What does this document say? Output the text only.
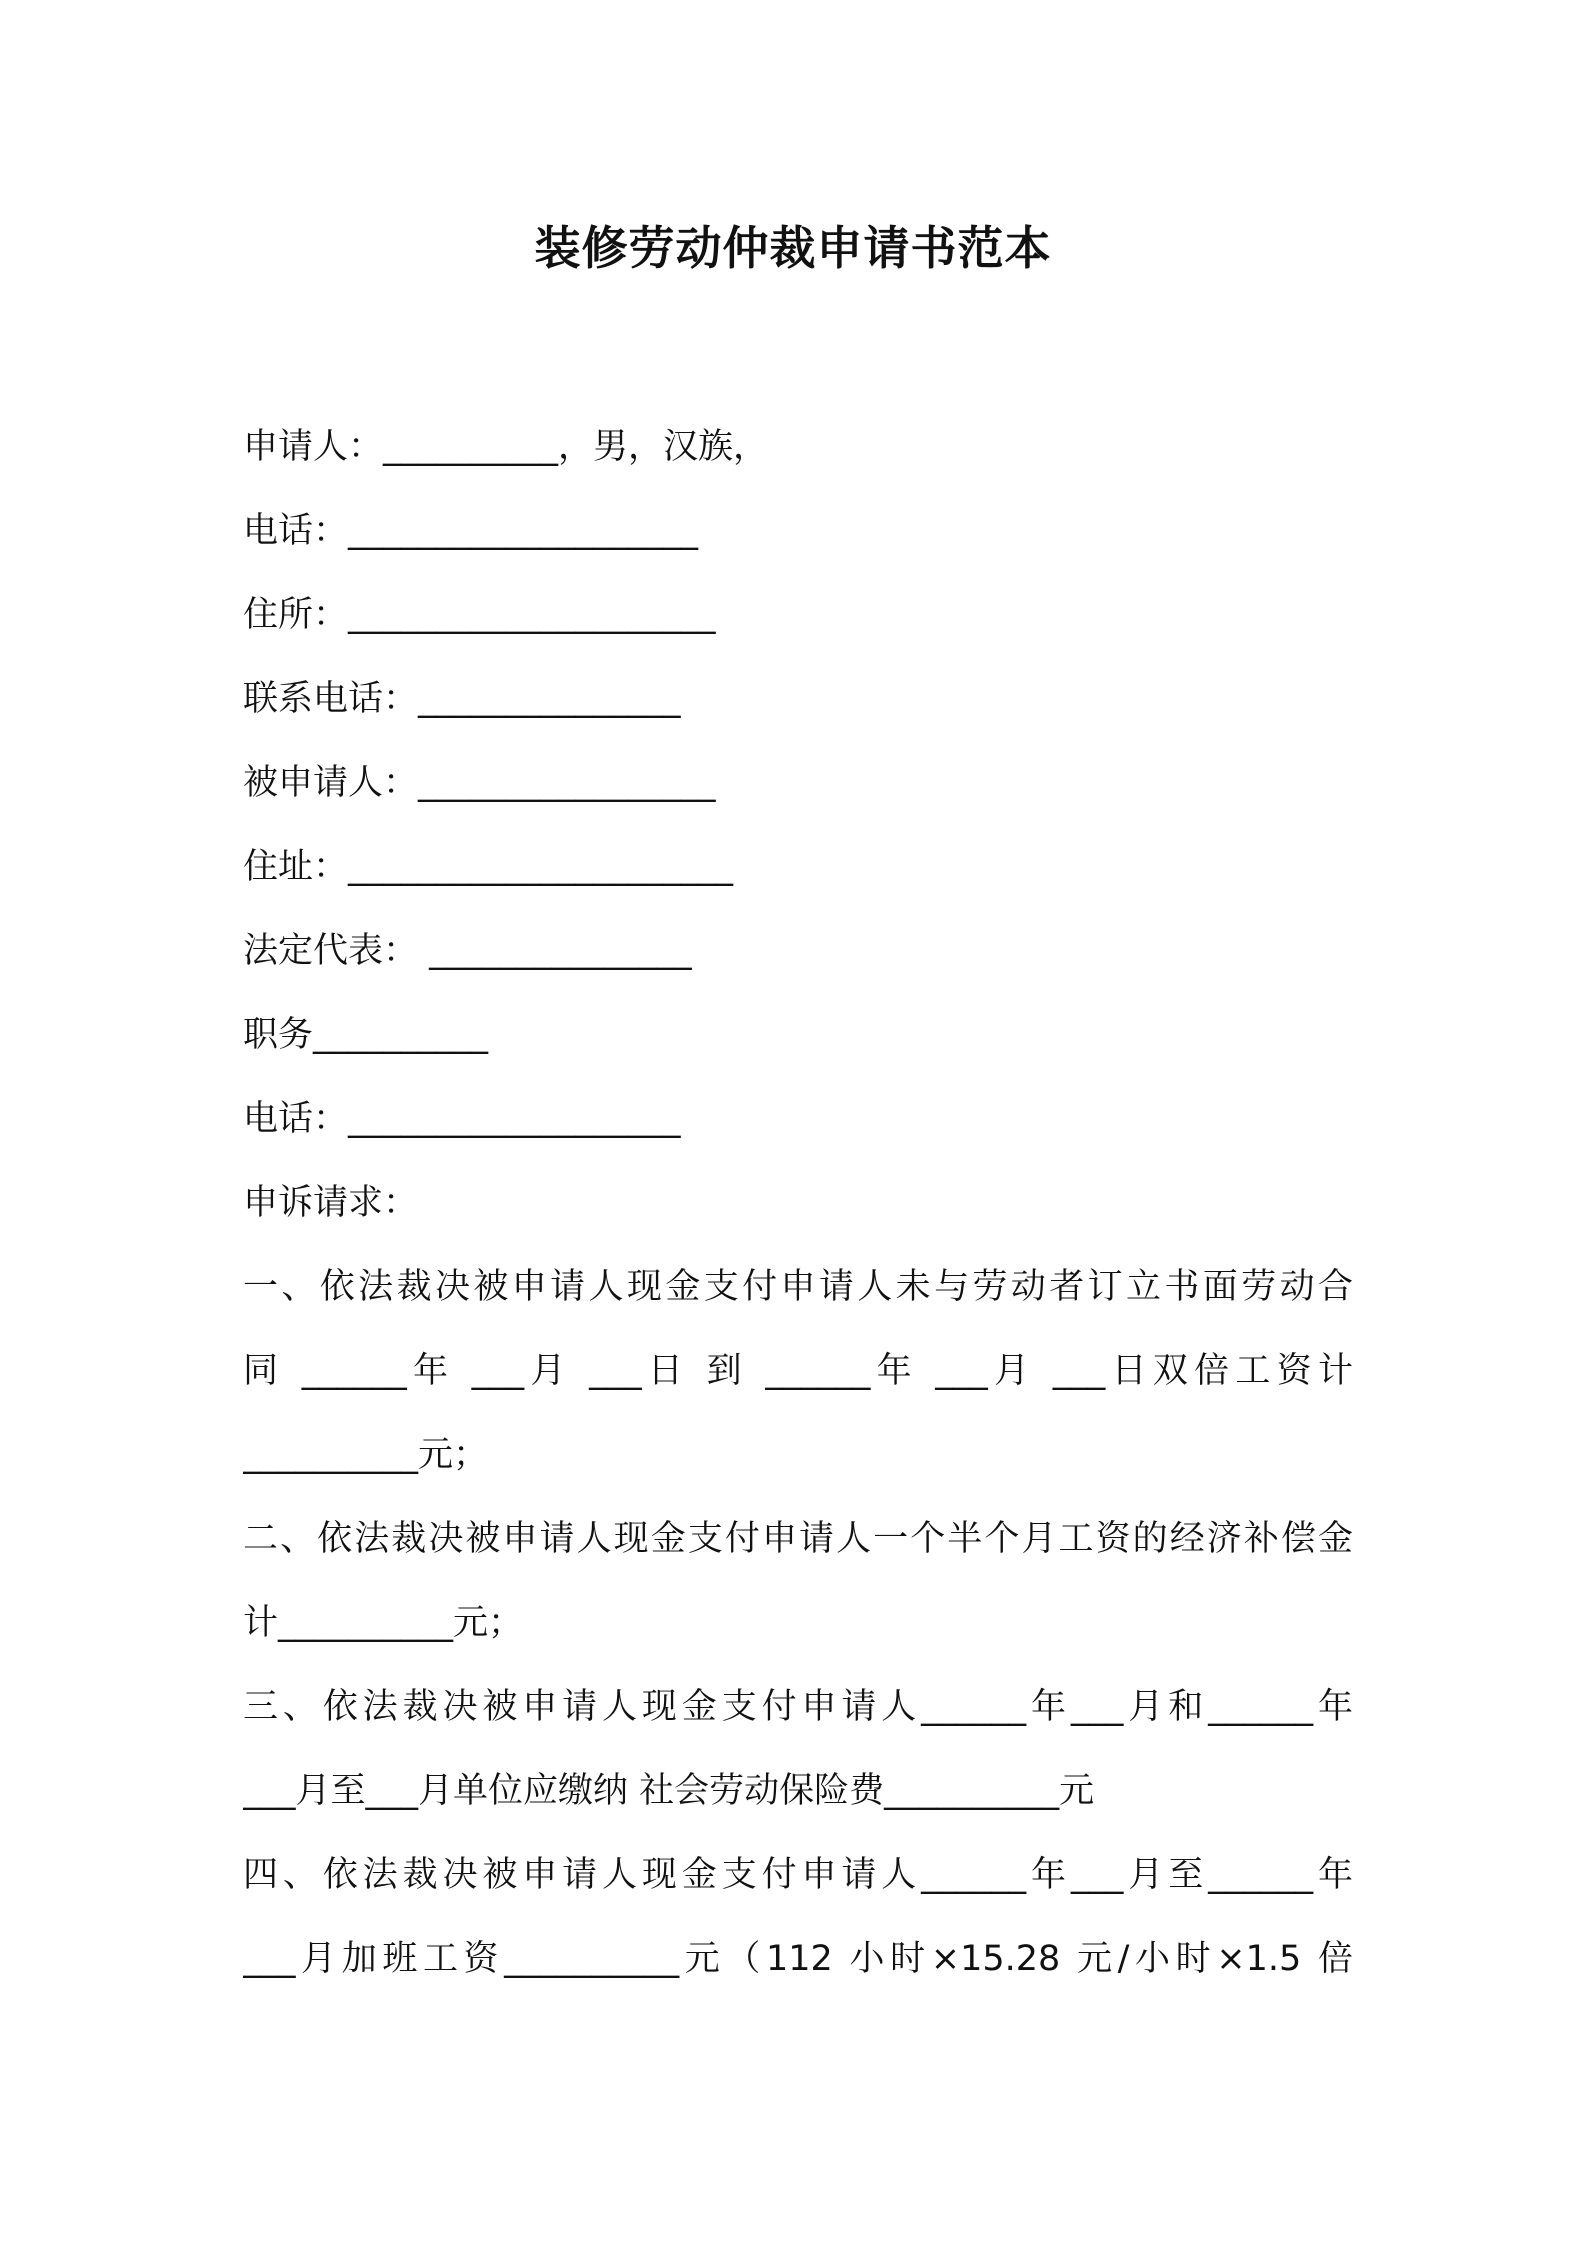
装修劳动仲裁申请书范本
申请人：__________，男，汉族，
电话：____________________
住所：_____________________
联系电话：_______________
被申请人：_________________
住址：______________________
法定代表： _______________
职务__________
电话：___________________
申诉请求：
一、依法裁决被申请人现金支付申请人未与劳动者订立书面劳动合
同 ______年 ___月 ___日 到 ______年 ___月 ___日双倍工资计
__________元；
二、依法裁决被申请人现金支付申请人一个半个月工资的经济补偿金
计__________元；
三、依法裁决被申请人现金支付申请人______年___月和______年
___月至___月单位应缴纳 社会劳动保险费__________元
四、依法裁决被申请人现金支付申请人______年___月至______年
___月加班工资__________元（112 小时×15.28 元/小时×1.5 倍
